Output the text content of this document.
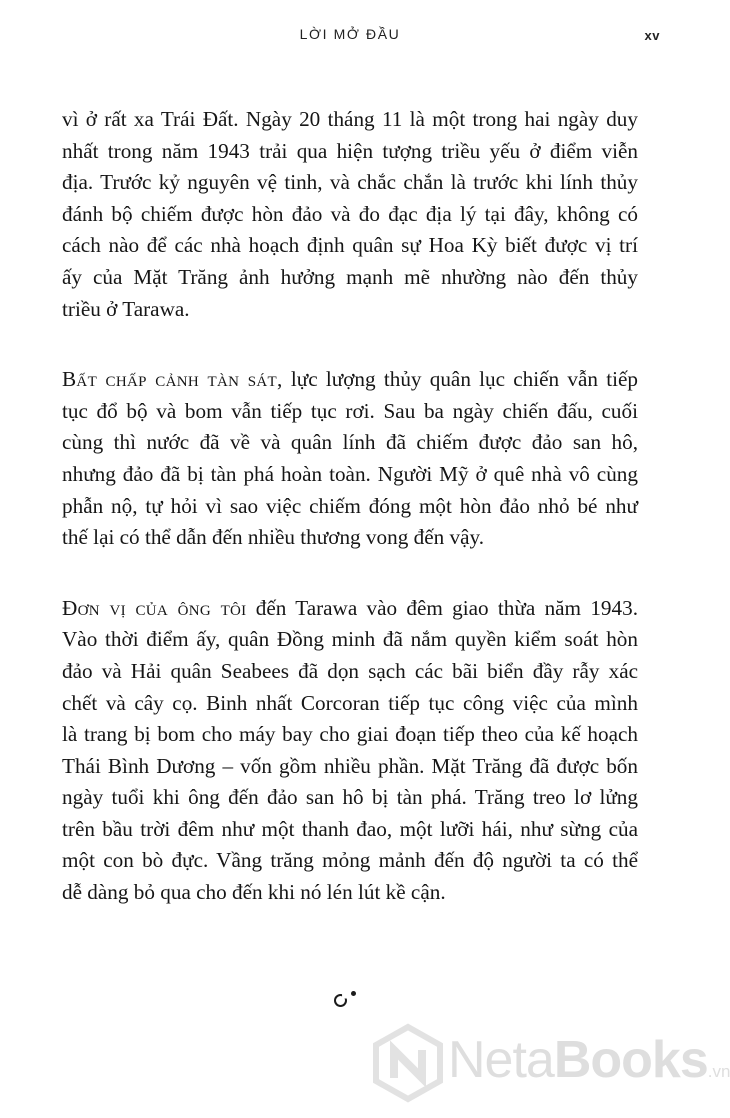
LỜI MỞ ĐẦU	xv
vì ở rất xa Trái Đất. Ngày 20 tháng 11 là một trong hai ngày duy
nhất trong năm 1943 trải qua hiện tượng triều yếu ở điểm viễn
địa. Trước kỷ nguyên vệ tinh, và chắc chắn là trước khi lính thủy
đánh bộ chiếm được hòn đảo và đo đạc địa lý tại đây, không có
cách nào để các nhà hoạch định quân sự Hoa Kỳ biết được vị trí
ấy của Mặt Trăng ảnh hưởng mạnh mẽ nhường nào đến thủy
triều ở Tarawa.
Bất chấp cảnh tàn sát, lực lượng thủy quân lục chiến vẫn tiếp
tục đổ bộ và bom vẫn tiếp tục rơi. Sau ba ngày chiến đấu, cuối
cùng thì nước đã về và quân lính đã chiếm được đảo san hô,
nhưng đảo đã bị tàn phá hoàn toàn. Người Mỹ ở quê nhà vô cùng
phẫn nộ, tự hỏi vì sao việc chiếm đóng một hòn đảo nhỏ bé như
thế lại có thể dẫn đến nhiều thương vong đến vậy.
Đơn vị của ông tôi đến Tarawa vào đêm giao thừa năm 1943.
Vào thời điểm ấy, quân Đồng minh đã nắm quyền kiểm soát hòn
đảo và Hải quân Seabees đã dọn sạch các bãi biển đầy rẫy xác
chết và cây cọ. Binh nhất Corcoran tiếp tục công việc của mình
là trang bị bom cho máy bay cho giai đoạn tiếp theo của kế hoạch
Thái Bình Dương – vốn gồm nhiều phần. Mặt Trăng đã được bốn
ngày tuổi khi ông đến đảo san hô bị tàn phá. Trăng treo lơ lửng
trên bầu trời đêm như một thanh đao, một lưỡi hái, như sừng của
một con bò đực. Vầng trăng mỏng mảnh đến độ người ta có thể
dễ dàng bỏ qua cho đến khi nó lén lút kề cận.
NetaBooks.vn
